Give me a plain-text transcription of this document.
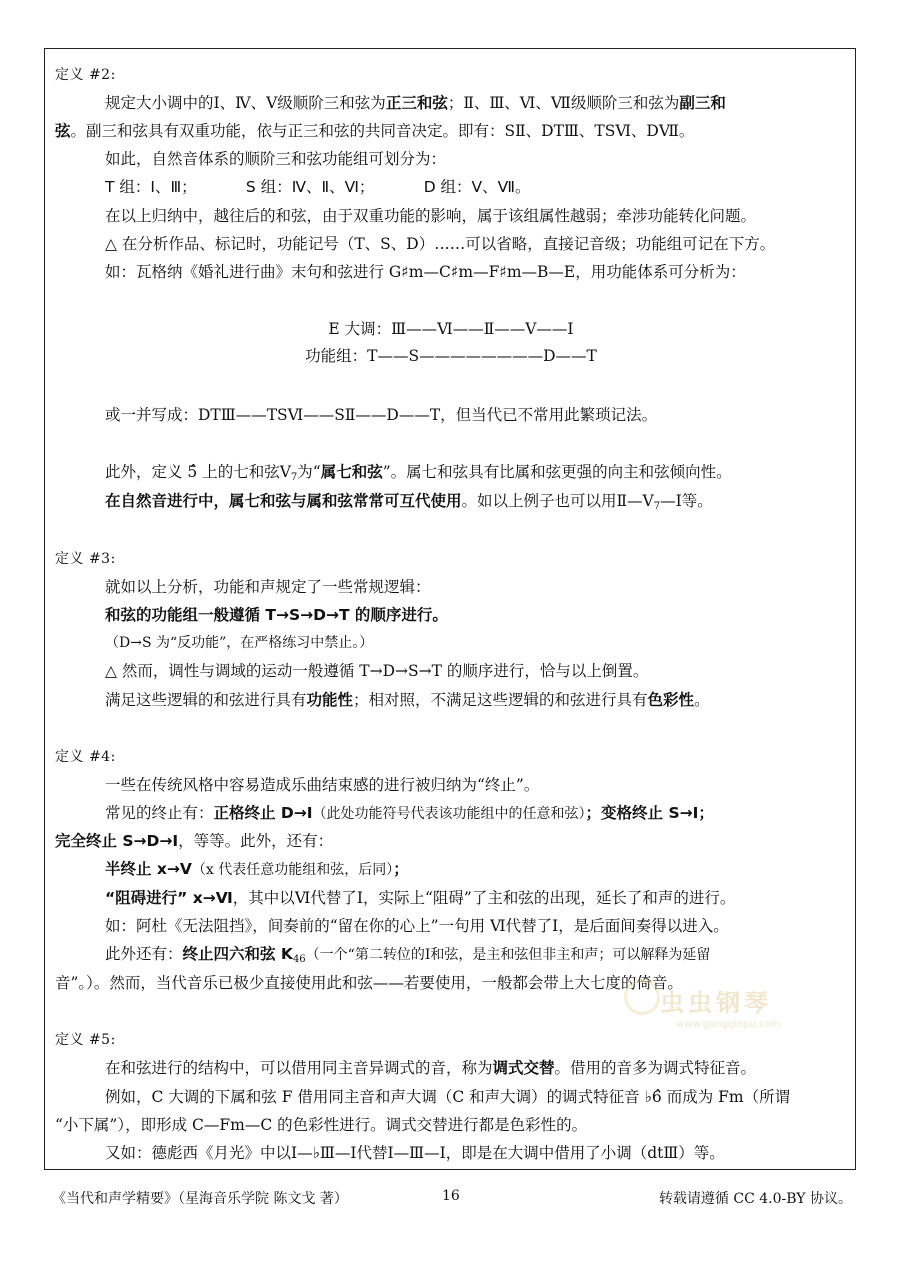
定义 #2:
规定大小调中的Ⅰ、Ⅳ、Ⅴ级顺阶三和弦为正三和弦；Ⅱ、Ⅲ、Ⅵ、Ⅶ级顺阶三和弦为副三和
弦。副三和弦具有双重功能，依与正三和弦的共同音决定。即有：SⅡ、DTⅢ、TSⅥ、DⅦ。
如此，自然音体系的顺阶三和弦功能组可划分为：
T 组：Ⅰ、Ⅲ；          S 组：Ⅳ、Ⅱ、Ⅵ；          D 组：Ⅴ、Ⅶ。
在以上归纳中，越往后的和弦，由于双重功能的影响，属于该组属性越弱；牵涉功能转化问题。
△ 在分析作品、标记时，功能记号（T、S、D）……可以省略，直接记音级；功能组可记在下方。
如：瓦格纳《婚礼进行曲》末句和弦进行 G♯m—C♯m—F♯m—B—E，用功能体系可分析为：
E 大调：Ⅲ——Ⅵ——Ⅱ——Ⅴ——Ⅰ
功能组：T——S————————D——T
或一并写成：DTⅢ——TSⅥ——SⅡ——D——T，但当代已不常用此繁琐记法。
此外，定义 5̂ 上的七和弦$Ⅴ_7$为“属七和弦”。属七和弦具有比属和弦更强的向主和弦倾向性。
在自然音进行中，属七和弦与属和弦常常可互代使用。如以上例子也可以用$Ⅱ—Ⅴ_7—Ⅰ$等。
定义 #3:
就如以上分析，功能和声规定了一些常规逻辑：
和弦的功能组一般遵循 T→S→D→T 的顺序进行。
（D→S 为“反功能”，在严格练习中禁止。）
△ 然而，调性与调域的运动一般遵循 T→D→S→T 的顺序进行，恰与以上倒置。
满足这些逻辑的和弦进行具有功能性；相对照，不满足这些逻辑的和弦进行具有色彩性。
定义 #4:
一些在传统风格中容易造成乐曲结束感的进行被归纳为“终止”。
常见的终止有：正格终止 D→Ⅰ（此处功能符号代表该功能组中的任意和弦）；变格终止 S→Ⅰ；
完全终止 S→D→Ⅰ，等等。此外，还有：
半终止 x→Ⅴ（x 代表任意功能组和弦，后同）；
“阻碍进行” x→Ⅵ，其中以Ⅵ代替了Ⅰ，实际上“阻碍”了主和弦的出现，延长了和声的进行。
如：阿杜《无法阻挡》，间奏前的“留在你的心上”一句用 Ⅵ代替了Ⅰ，是后面间奏得以进入。
此外还有：终止四六和弦 $K_{46}$（一个“第二转位的Ⅰ和弦，是主和弦但非主和声；可以解释为延留
音”。）。然而，当代音乐已极少直接使用此和弦——若要使用，一般都会带上大七度的倚音。
定义 #5:
在和弦进行的结构中，可以借用同主音异调式的音，称为调式交替。借用的音多为调式特征音。
例如，C 大调的下属和弦 F 借用同主音和声大调（C 和声大调）的调式特征音 ♭6̂ 而成为 Fm（所谓
“小下属”），即形成 C—Fm—C 的色彩性进行。调式交替进行都是色彩性的。
又如：德彪西《月光》中以Ⅰ—♭Ⅲ—Ⅰ代替Ⅰ—Ⅲ—Ⅰ，即是在大调中借用了小调（dtⅢ）等。
虫虫钢琴
www.gangqinpu.com
《当代和声学精要》（星海音乐学院 陈文戈 著）	16	转载请遵循 CC 4.0-BY 协议。
